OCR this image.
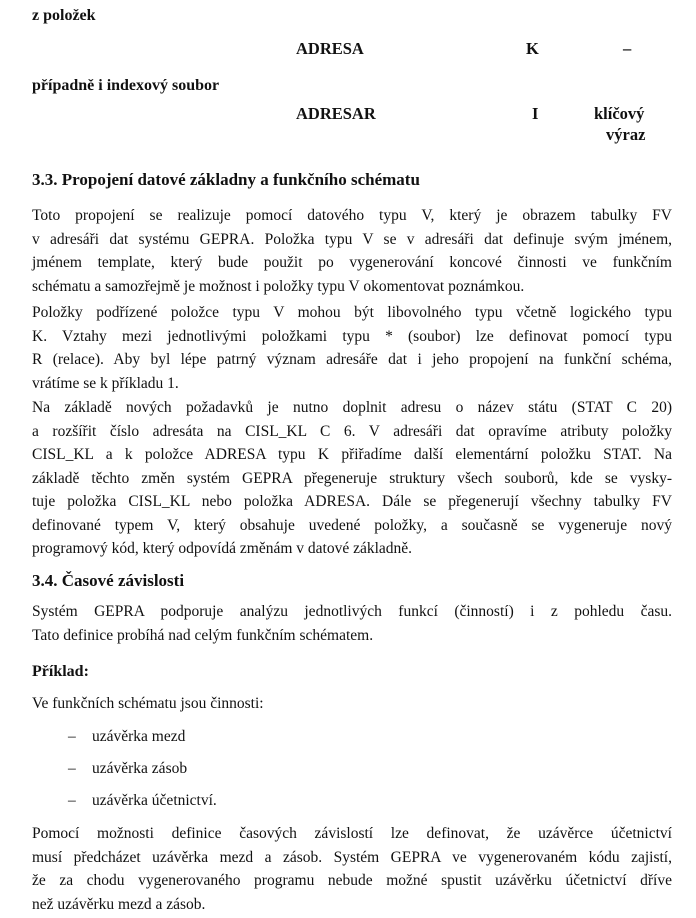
z položek
ADRESA	K	–
případně i indexový soubor
ADRESAR	I	klíčový
výraz
3.3. Propojení datové základny a funkčního schématu
Toto propojení se realizuje pomocí datového typu V, který je obrazem tabulky FV
v adresáři dat systému GEPRA. Položka typu V se v adresáři dat definuje svým jménem,
jménem template, který bude použit po vygenerování koncové činnosti ve funkčním
schématu a samozřejmě je možnost i položky typu V okomentovat poznámkou.
Položky podřízené položce typu V mohou být libovolného typu včetně logického typu
K. Vztahy mezi jednotlivými položkami typu * (soubor) lze definovat pomocí typu
R (relace). Aby byl lépe patrný význam adresáře dat i jeho propojení na funkční schéma,
vrátíme se k příkladu 1.
Na základě nových požadavků je nutno doplnit adresu o název státu (STAT C 20)
a rozšířit číslo adresáta na CISL_KL C 6. V adresáři dat opravíme atributy položky
CISL_KL a k položce ADRESA typu K přiřadíme další elementární položku STAT. Na
základě těchto změn systém GEPRA přegeneruje struktury všech souborů, kde se vysky-
tuje položka CISL_KL nebo položka ADRESA. Dále se přegenerují všechny tabulky FV
definované typem V, který obsahuje uvedené položky, a současně se vygeneruje nový
programový kód, který odpovídá změnám v datové základně.
3.4. Časové závislosti
Systém GEPRA podporuje analýzu jednotlivých funkcí (činností) i z pohledu času.
Tato definice probíhá nad celým funkčním schématem.
Příklad:
Ve funkčních schématu jsou činnosti:
– uzávěrka mezd
– uzávěrka zásob
– uzávěrka účetnictví.
Pomocí možnosti definice časových závislostí lze definovat, že uzávěrce účetnictví
musí předcházet uzávěrka mezd a zásob. Systém GEPRA ve vygenerovaném kódu zajistí,
že za chodu vygenerovaného programu nebude možné spustit uzávěrku účetnictví dříve
než uzávěrku mezd a zásob.
